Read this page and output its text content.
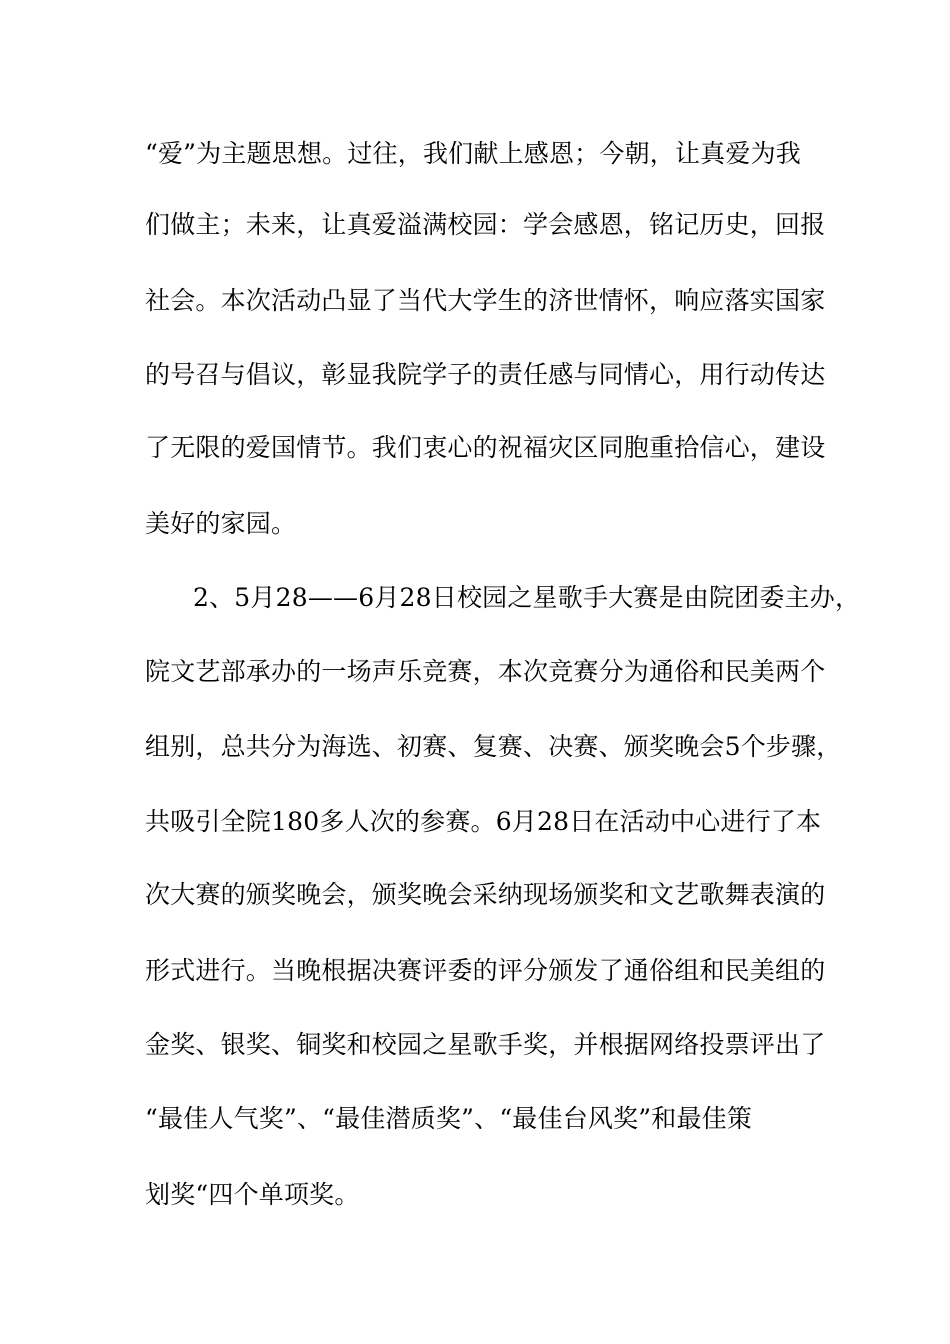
“爱”为主题思想。过往，我们献上感恩；今朝，让真爱为我
们做主；未来，让真爱溢满校园：学会感恩，铭记历史，回报
社会。本次活动凸显了当代大学生的济世情怀，响应落实国家
的号召与倡议，彰显我院学子的责任感与同情心，用行动传达
了无限的爱国情节。我们衷心的祝福灾区同胞重拾信心，建设
美好的家园。
2、5月28——6月28日校园之星歌手大赛是由院团委主办，
院文艺部承办的一场声乐竞赛，本次竞赛分为通俗和民美两个
组别，总共分为海选、初赛、复赛、决赛、颁奖晚会5个步骤，
共吸引全院180多人次的参赛。6月28日在活动中心进行了本
次大赛的颁奖晚会，颁奖晚会采纳现场颁奖和文艺歌舞表演的
形式进行。当晚根据决赛评委的评分颁发了通俗组和民美组的
金奖、银奖、铜奖和校园之星歌手奖，并根据网络投票评出了
“最佳人气奖”、“最佳潜质奖”、“最佳台风奖”和最佳策
划奖“四个单项奖。
